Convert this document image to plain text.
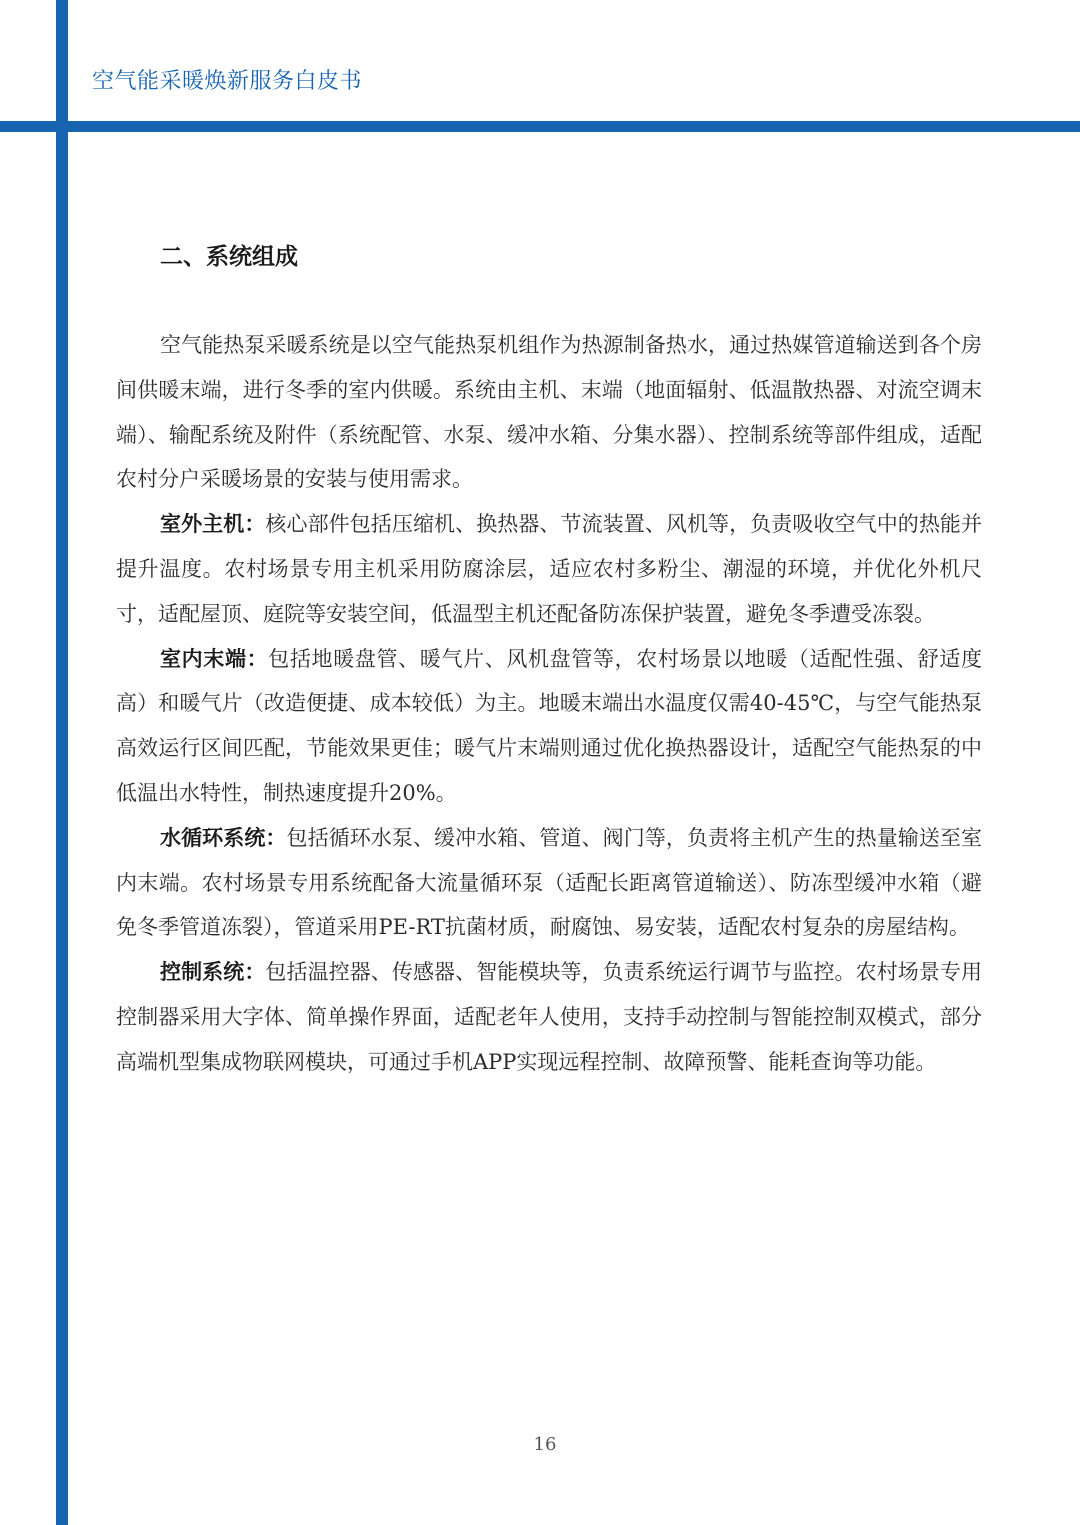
空气能采暖焕新服务白皮书
二、系统组成

空气能热泵采暖系统是以空气能热泵机组作为热源制备热水，通过热媒管道输送到各个房间供暖末端，进行冬季的室内供暖。系统由主机、末端（地面辐射、低温散热器、对流空调末端）、输配系统及附件（系统配管、水泵、缓冲水箱、分集水器）、控制系统等部件组成，适配农村分户采暖场景的安装与使用需求。

室外主机：核心部件包括压缩机、换热器、节流装置、风机等，负责吸收空气中的热能并提升温度。农村场景专用主机采用防腐涂层，适应农村多粉尘、潮湿的环境，并优化外机尺寸，适配屋顶、庭院等安装空间，低温型主机还配备防冻保护装置，避免冬季遭受冻裂。

室内末端：包括地暖盘管、暖气片、风机盘管等，农村场景以地暖（适配性强、舒适度高）和暖气片（改造便捷、成本较低）为主。地暖末端出水温度仅需40-45℃，与空气能热泵高效运行区间匹配，节能效果更佳；暖气片末端则通过优化换热器设计，适配空气能热泵的中低温出水特性，制热速度提升20%。

水循环系统：包括循环水泵、缓冲水箱、管道、阀门等，负责将主机产生的热量输送至室内末端。农村场景专用系统配备大流量循环泵（适配长距离管道输送）、防冻型缓冲水箱（避免冬季管道冻裂），管道采用PE-RT抗菌材质，耐腐蚀、易安装，适配农村复杂的房屋结构。

控制系统：包括温控器、传感器、智能模块等，负责系统运行调节与监控。农村场景专用控制器采用大字体、简单操作界面，适配老年人使用，支持手动控制与智能控制双模式，部分高端机型集成物联网模块，可通过手机APP实现远程控制、故障预警、能耗查询等功能。

16
